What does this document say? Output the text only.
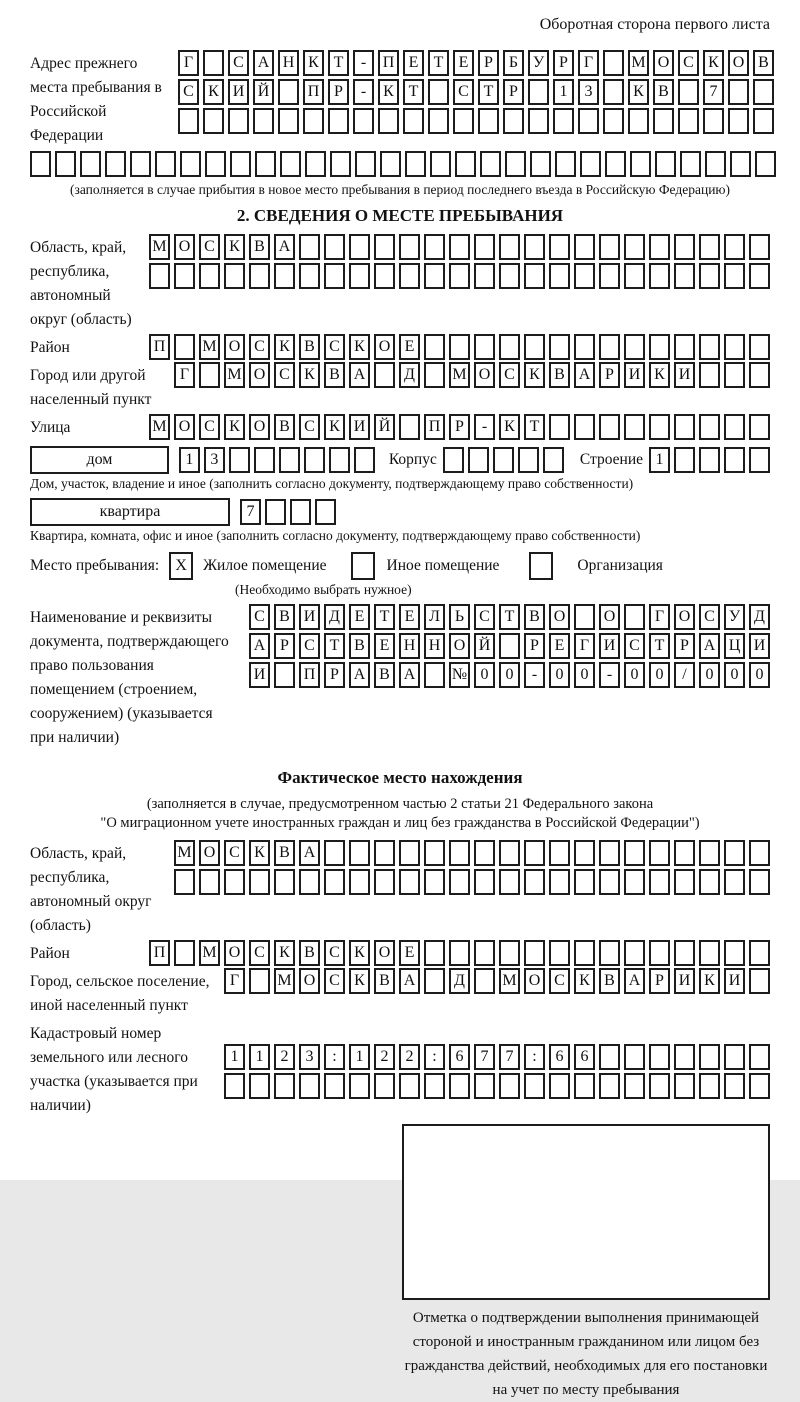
Оборотная сторона первого листа
Адрес прежнего места пребывания в Российской Федерации
Г	С А Н К Т	-	П Е Т Е Р Б У Р Г	М О С К О В
С К И Й П Р	-	К Т	С Т Р	1	3	К В	7
(заполняется в случае прибытия в новое место пребывания в период последнего въезда в Российскую Федерацию)
2. СВЕДЕНИЯ О МЕСТЕ ПРЕБЫВАНИЯ
Область, край, республика, автономный округ (область)
М О С К В А
Район	П М О С К В С К О Е
Город или другой населенный пункт
Г	М О С К В А	Д	М О С К В А Р И К И
Улица	М О С К О В С К И Й П Р	-	К Т
дом	1	3	Корпус	Строение 1
Дом, участок, владение и иное (заполнить согласно документу, подтверждающему право собственности)
квартира	7
Квартира, комната, офис и иное (заполнить согласно документу, подтверждающему право собственности)
Место пребывания:	X	Жилое помещение	Иное помещение	Организация
(Необходимо выбрать нужное)
Наименование и реквизиты документа, подтверждающего право пользования помещением (строением, сооружением) (указывается при наличии)
С В И Д Е Т Е Л Ь С Т В О О	Г О С У Д
А Р С Т В Е Н Н О Й	Р Е Г И С Т Р А Ц И
И П Р А В А № 0	0	-	0	0	-	0	0	/	0	0	0
Фактическое место нахождения
(заполняется в случае, предусмотренном частью 2 статьи 21 Федерального закона
"О миграционном учете иностранных граждан и лиц без гражданства в Российской Федерации")
Область, край, республика, автономный округ (область)
М О С К В А
Район	П М О С К В С К О Е
Город, сельское поселение, иной населенный пункт
Г	М О С К В А	Д	М О С К В А Р И К И
Кадастровый номер земельного или лесного участка (указывается при наличии)
1	1	2	3	:	1	2	2	:	6	7	7	:	6	6
Отметка о подтверждении выполнения принимающей стороной и иностранным гражданином или лицом без гражданства действий, необходимых для его постановки на учет по месту пребывания
